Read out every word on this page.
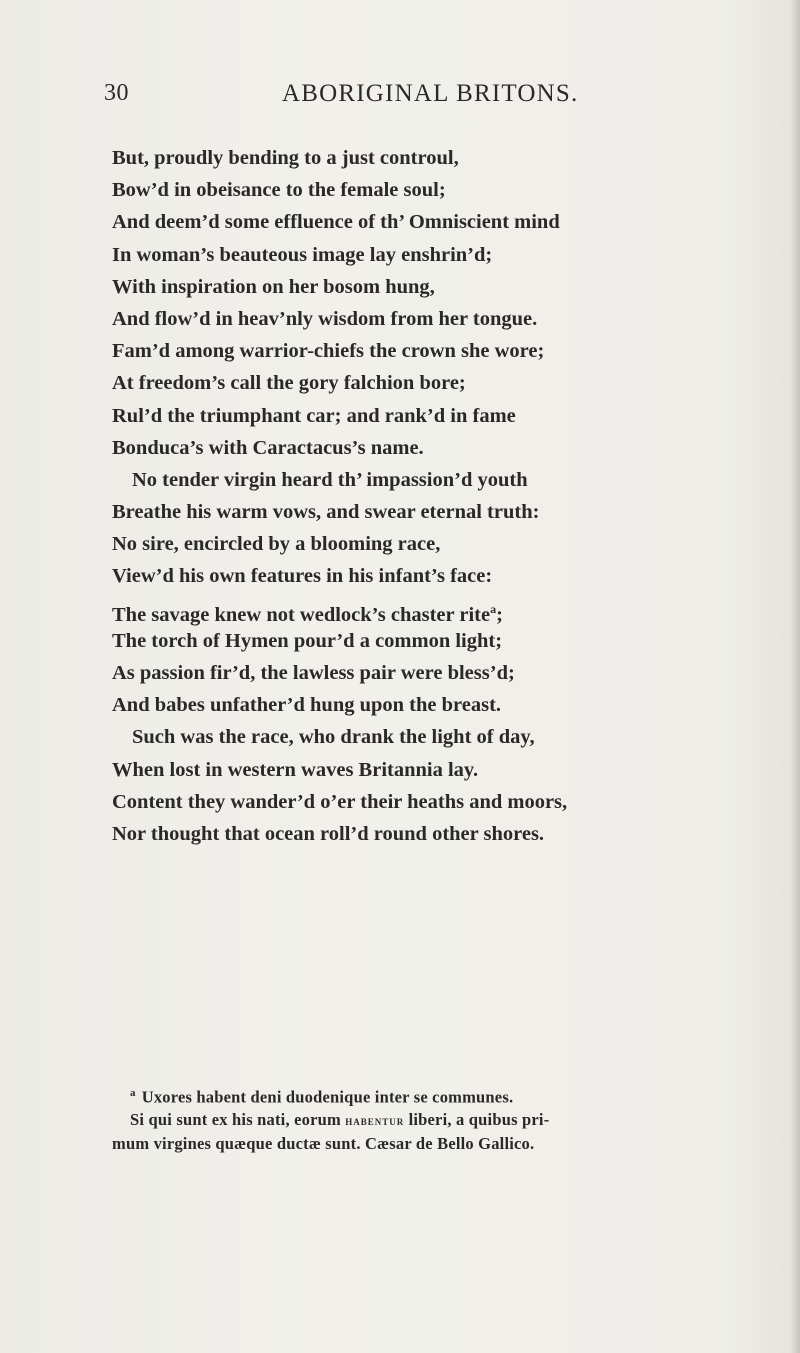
30	ABORIGINAL BRITONS.
But, proudly bending to a just controul,
Bow’d in obeisance to the female soul;
And deem’d some effluence of th’ Omniscient mind
In woman’s beauteous image lay enshrin’d;
With inspiration on her bosom hung,
And flow’d in heav’nly wisdom from her tongue.
Fam’d among warrior-chiefs the crown she wore;
At freedom’s call the gory falchion bore;
Rul’d the triumphant car; and rank’d in fame
Bonduca’s with Caractacus’s name.
No tender virgin heard th’ impassion’d youth
Breathe his warm vows, and swear eternal truth:
No sire, encircled by a blooming race,
View’d his own features in his infant’s face:
The savage knew not wedlock’s chaster rite$^a$;
The torch of Hymen pour’d a common light;
As passion fir’d, the lawless pair were bless’d;
And babes unfather’d hung upon the breast.
Such was the race, who drank the light of day,
When lost in western waves Britannia lay.
Content they wander’d o’er their heaths and moors,
Nor thought that ocean roll’d round other shores.
$^a$ Uxores habent deni duodenique inter se communes.
Si qui sunt ex his nati, eorum habentur liberi, a quibus pri-
mum virgines quæque ductæ sunt. Cæsar de Bello Gallico.
